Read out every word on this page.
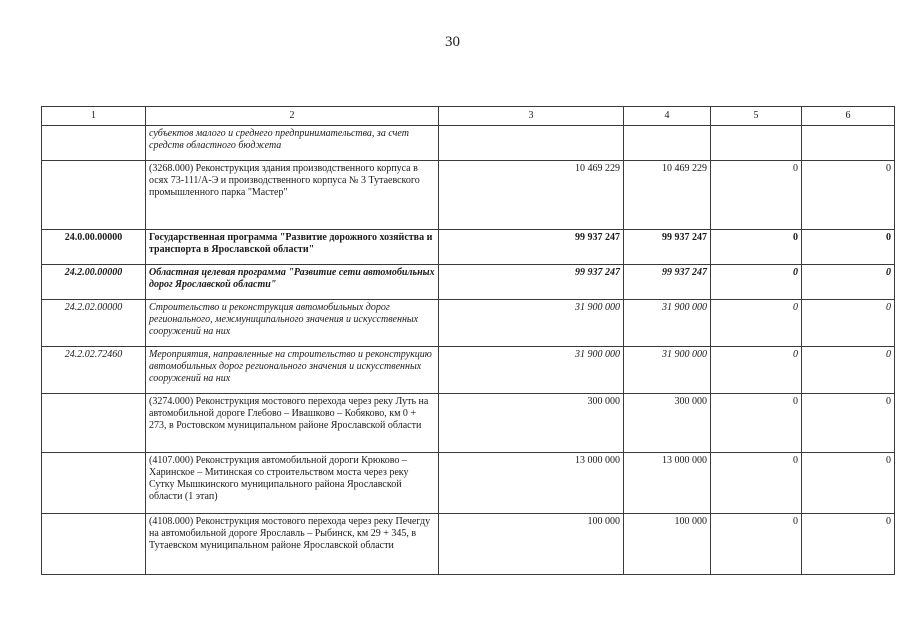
30
1	2	3	4	5	6
	субъектов малого и среднего предпринимательства, за счет средств областного бюджета				
	(3268.000) Реконструкция здания производственного корпуса в осях 73-111/А-Э и производственного корпуса № 3 Тутаевского промышленного парка "Мастер"	10 469 229	10 469 229	0	0
24.0.00.00000	Государственная программа "Развитие дорожного хозяйства и транспорта в Ярославской области"	99 937 247	99 937 247	0	0
24.2.00.00000	Областная целевая программа "Развитие сети автомобильных дорог Ярославской области"	99 937 247	99 937 247	0	0
24.2.02.00000	Строительство и реконструкция автомобильных дорог регионального, межмуниципального значения и искусственных сооружений на них	31 900 000	31 900 000	0	0
24.2.02.72460	Мероприятия, направленные на строительство и реконструкцию автомобильных дорог регионального значения и искусственных сооружений на них	31 900 000	31 900 000	0	0
	(3274.000) Реконструкция мостового перехода через реку Луть на автомобильной дороге Глебово – Ивашково – Кобяково, км 0 + 273, в Ростовском муниципальном районе Ярославской области	300 000	300 000	0	0
	(4107.000) Реконструкция автомобильной дороги Крюково – Харинское – Митинская со строительством моста через реку Сутку Мышкинского муниципального района Ярославской области (1 этап)	13 000 000	13 000 000	0	0
	(4108.000) Реконструкция мостового перехода через реку Печегду на автомобильной дороге Ярославль – Рыбинск, км 29 + 345, в Тутаевском муниципальном районе Ярославской области	100 000	100 000	0	0
